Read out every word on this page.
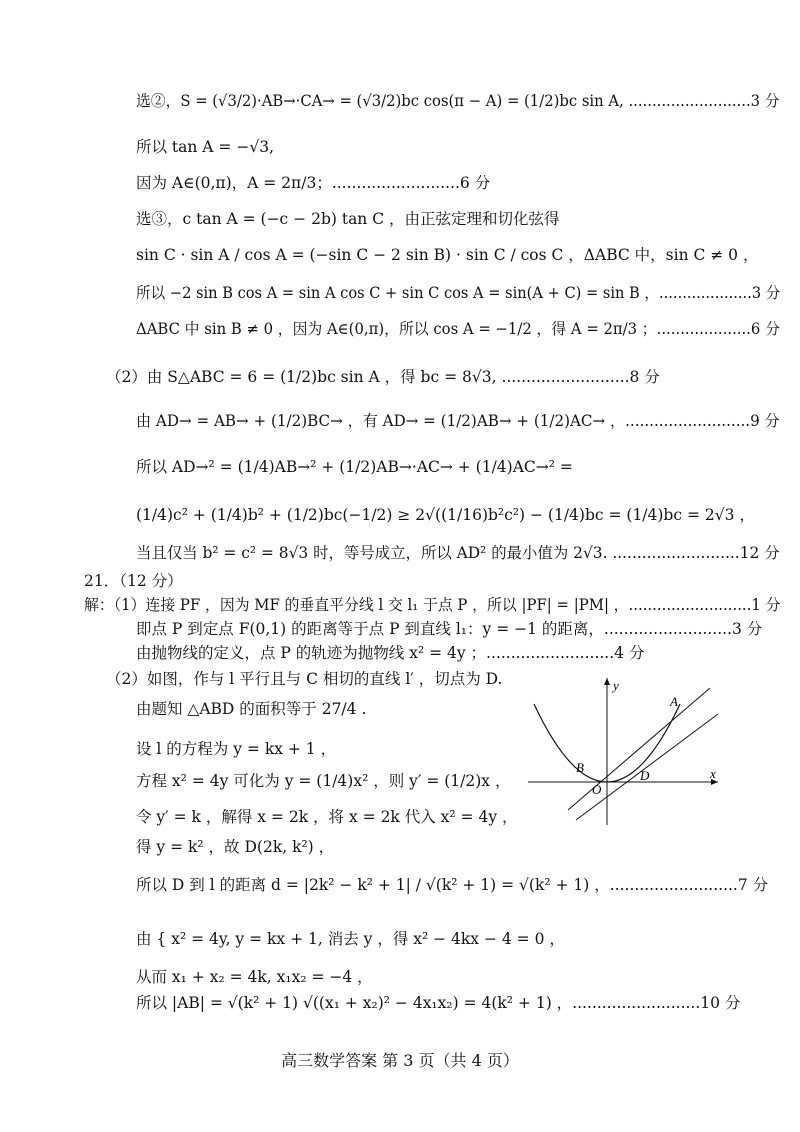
选②，S = (√3/2)·AB→·CA→ = (√3/2)bc cos(π − A) = (1/2)bc sin A, ..........................3 分
所以 tan A = −√3,
因为 A∈(0,π)，A = 2π/3；..........................6 分
选③，c tan A = (−c − 2b) tan C ，由正弦定理和切化弦得
sin C · sin A / cos A = (−sin C − 2 sin B) · sin C / cos C ，ΔABC 中，sin C ≠ 0 ，
所以 −2 sin B cos A = sin A cos C + sin C cos A = sin(A + C) = sin B ，....................3 分
ΔABC 中 sin B ≠ 0 ，因为 A∈(0,π)，所以 cos A = −1/2 ，得 A = 2π/3 ；....................6 分
（2）由 S△ABC = 6 = (1/2)bc sin A ，得 bc = 8√3, ..........................8 分
由 AD→ = AB→ + (1/2)BC→ ，有 AD→ = (1/2)AB→ + (1/2)AC→ ，..........................9 分
所以 AD→² = (1/4)AB→² + (1/2)AB→·AC→ + (1/4)AC→² =
(1/4)c² + (1/4)b² + (1/2)bc(−1/2) ≥ 2√((1/16)b²c²) − (1/4)bc = (1/4)bc = 2√3 ，
当且仅当 b² = c² = 8√3 时，等号成立，所以 AD² 的最小值为 2√3. ..........................12 分
21．（12 分）
解：（1）连接 PF ，因为 MF 的垂直平分线 l 交 l₁ 于点 P ，所以 |PF| = |PM| ，..........................1 分
即点 P 到定点 F(0,1) 的距离等于点 P 到直线 l₁：y = −1 的距离，..........................3 分
由抛物线的定义，点 P 的轨迹为抛物线 x² = 4y ；..........................4 分
（2）如图，作与 l 平行且与 C 相切的直线 l′ ，切点为 D.
由题知 △ABD 的面积等于 27/4 .
设 l 的方程为 y = kx + 1 ，
方程 x² = 4y 可化为 y = (1/4)x² ，则 y′ = (1/2)x ，
令 y′ = k ，解得 x = 2k ，将 x = 2k 代入 x² = 4y ，
得 y = k² ，故 D(2k, k²) ，
所以 D 到 l 的距离 d = |2k² − k² + 1| / √(k² + 1) = √(k² + 1) ，..........................7 分
由 { x² = 4y, y = kx + 1, 消去 y ，得 x² − 4kx − 4 = 0 ，
从而 x₁ + x₂ = 4k, x₁x₂ = −4 ，
所以 |AB| = √(k² + 1) √((x₁ + x₂)² − 4x₁x₂) = 4(k² + 1) ，..........................10 分
y
x
A
B
D
O
高三数学答案 第 3 页（共 4 页）
